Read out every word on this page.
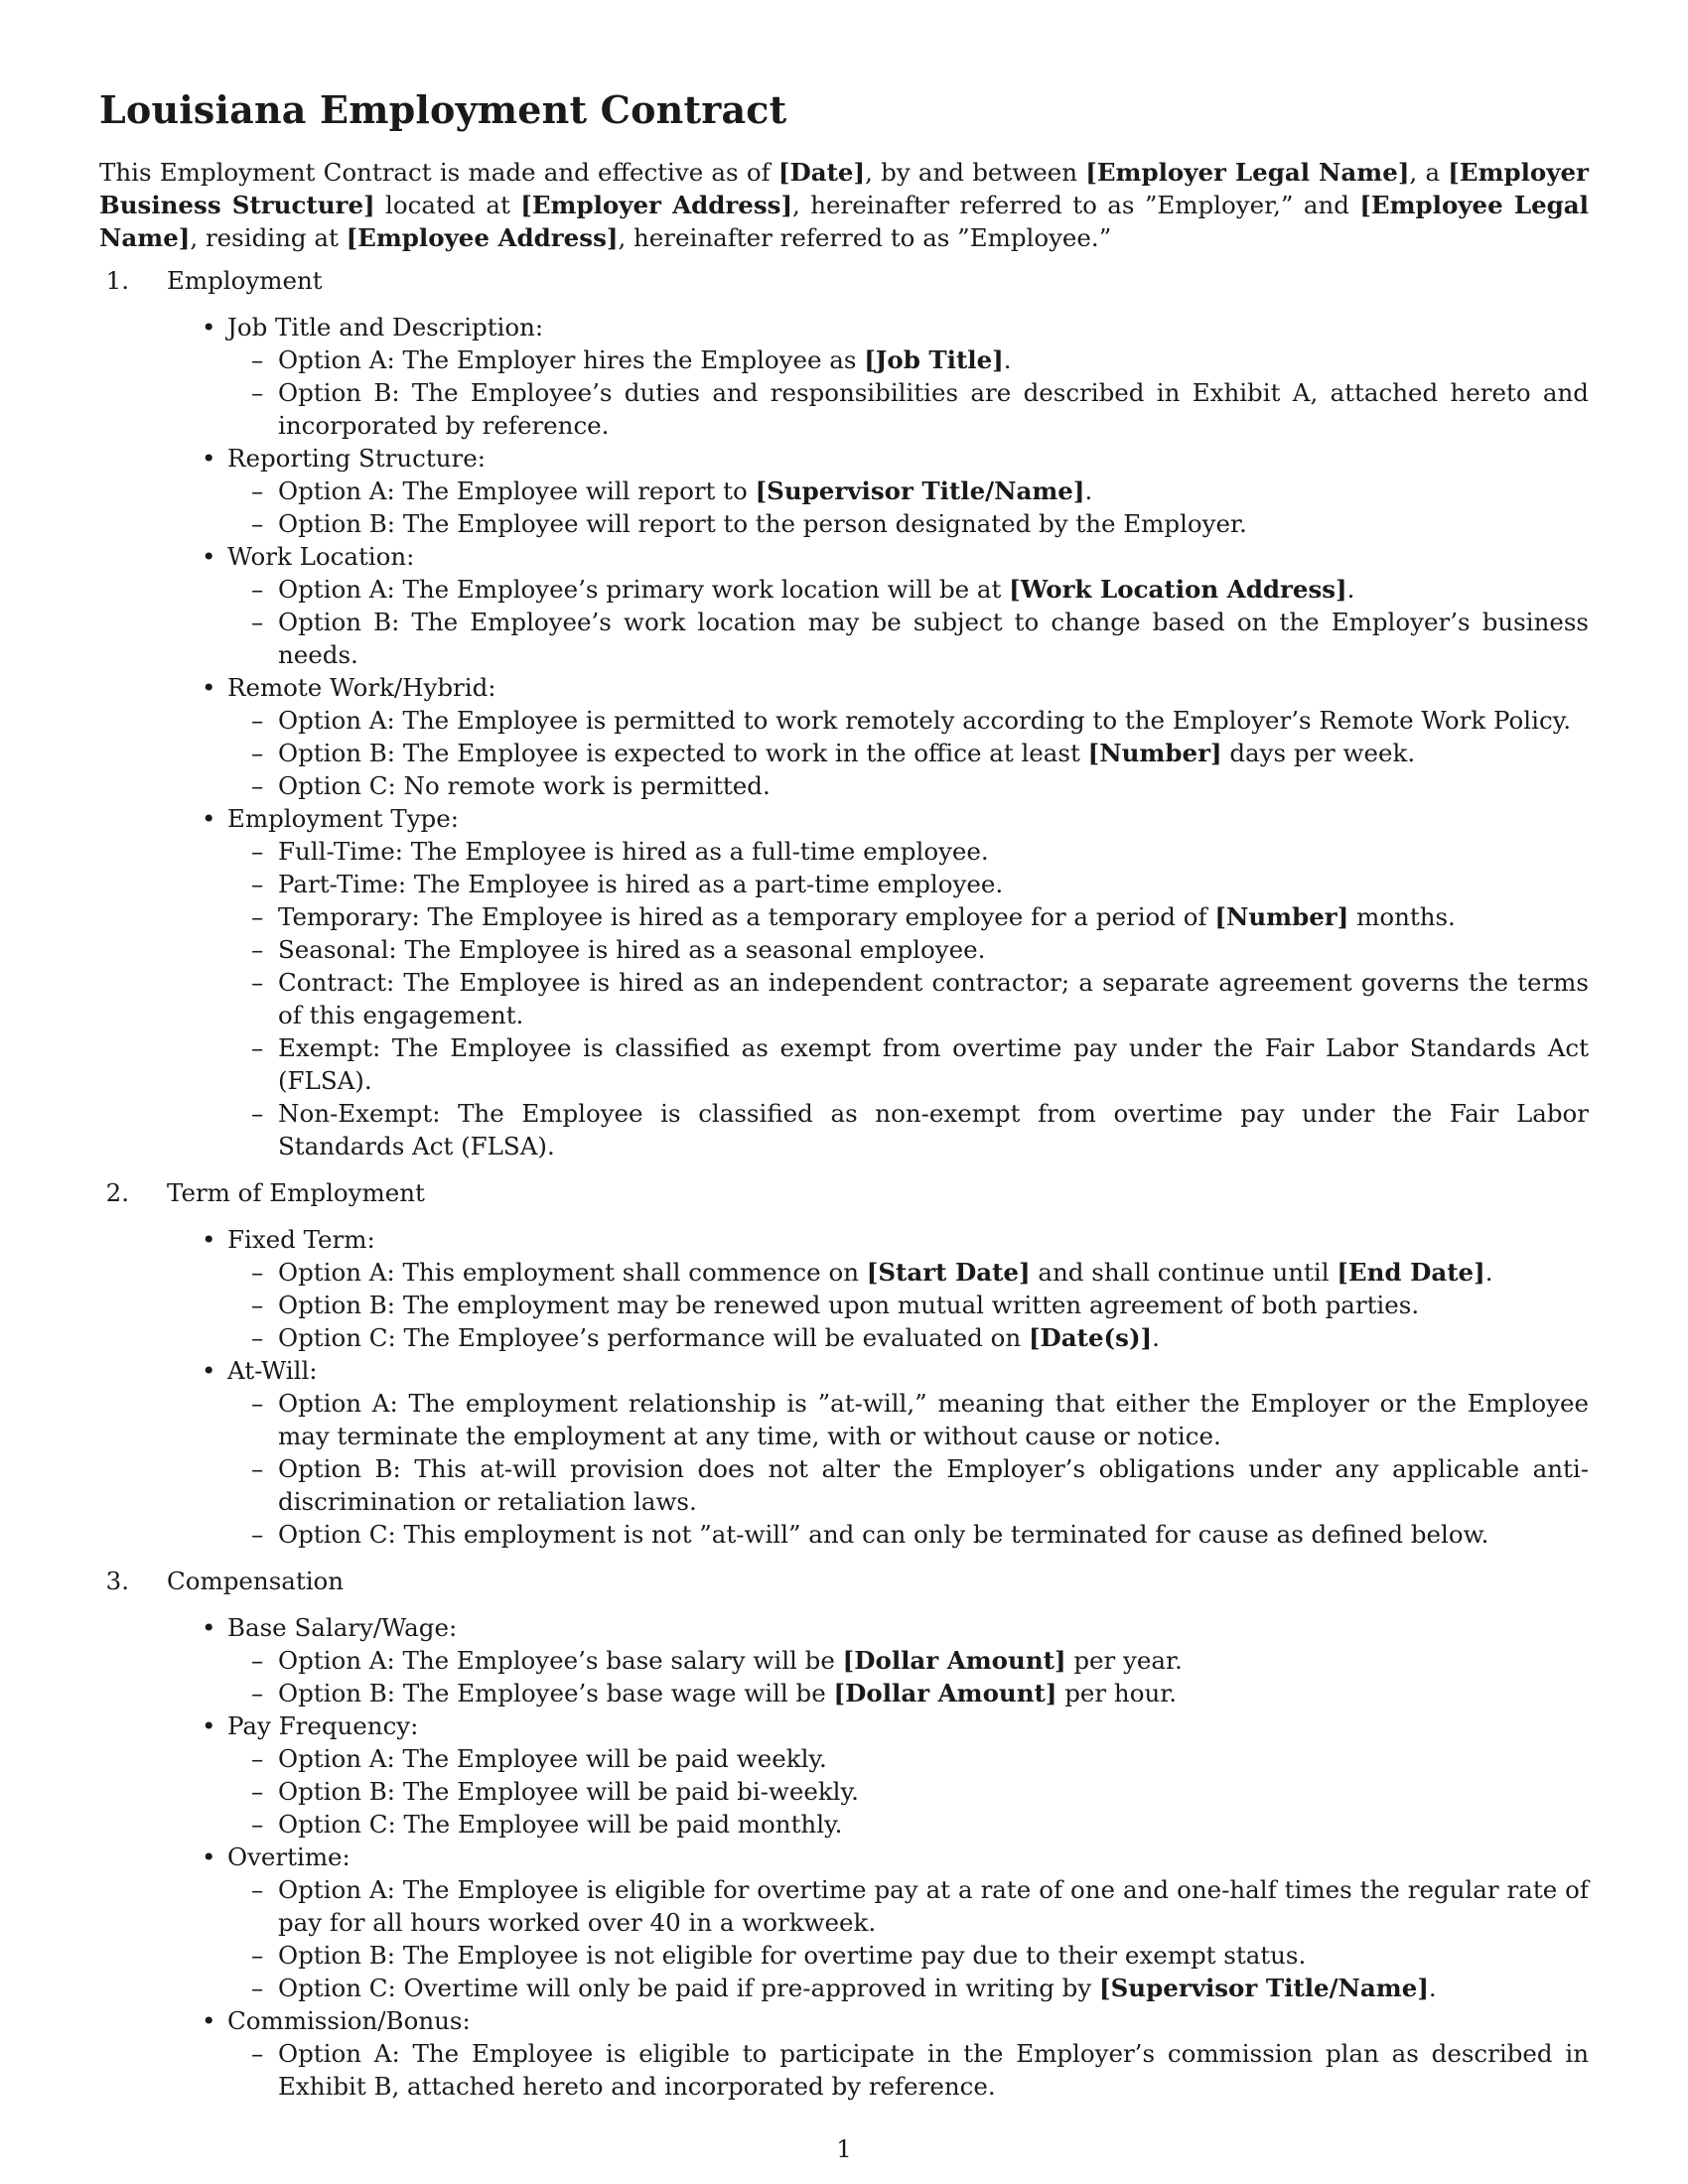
Louisiana Employment Contract

This Employment Contract is made and effective as of [Date], by and between [Employer Legal Name], a [Employer Business Structure] located at [Employer Address], hereinafter referred to as ”Employer,” and [Employee Legal Name], residing at [Employee Address], hereinafter referred to as ”Employee.”

1. Employment

• Job Title and Description:
– Option A: The Employer hires the Employee as [Job Title].
– Option B: The Employee’s duties and responsibilities are described in Exhibit A, attached hereto and incorporated by reference.
• Reporting Structure:
– Option A: The Employee will report to [Supervisor Title/Name].
– Option B: The Employee will report to the person designated by the Employer.
• Work Location:
– Option A: The Employee’s primary work location will be at [Work Location Address].
– Option B: The Employee’s work location may be subject to change based on the Employer’s business needs.
• Remote Work/Hybrid:
– Option A: The Employee is permitted to work remotely according to the Employer’s Remote Work Policy.
– Option B: The Employee is expected to work in the office at least [Number] days per week.
– Option C: No remote work is permitted.
• Employment Type:
– Full-Time: The Employee is hired as a full-time employee.
– Part-Time: The Employee is hired as a part-time employee.
– Temporary: The Employee is hired as a temporary employee for a period of [Number] months.
– Seasonal: The Employee is hired as a seasonal employee.
– Contract: The Employee is hired as an independent contractor; a separate agreement governs the terms of this engagement.
– Exempt: The Employee is classified as exempt from overtime pay under the Fair Labor Standards Act (FLSA).
– Non-Exempt: The Employee is classified as non-exempt from overtime pay under the Fair Labor Standards Act (FLSA).
2. Term of Employment

• Fixed Term:
– Option A: This employment shall commence on [Start Date] and shall continue until [End Date].
– Option B: The employment may be renewed upon mutual written agreement of both parties.
– Option C: The Employee’s performance will be evaluated on [Date(s)].
• At-Will:
– Option A: The employment relationship is ”at-will,” meaning that either the Employer or the Employee may terminate the employment at any time, with or without cause or notice.
– Option B: This at-will provision does not alter the Employer’s obligations under any applicable anti-discrimination or retaliation laws.
– Option C: This employment is not ”at-will” and can only be terminated for cause as defined below.
3. Compensation

• Base Salary/Wage:
– Option A: The Employee’s base salary will be [Dollar Amount] per year.
– Option B: The Employee’s base wage will be [Dollar Amount] per hour.
• Pay Frequency:
– Option A: The Employee will be paid weekly.
– Option B: The Employee will be paid bi-weekly.
– Option C: The Employee will be paid monthly.
• Overtime:
– Option A: The Employee is eligible for overtime pay at a rate of one and one-half times the regular rate of pay for all hours worked over 40 in a workweek.
– Option B: The Employee is not eligible for overtime pay due to their exempt status.
– Option C: Overtime will only be paid if pre-approved in writing by [Supervisor Title/Name].
• Commission/Bonus:
– Option A: The Employee is eligible to participate in the Employer’s commission plan as described in Exhibit B, attached hereto and incorporated by reference.
1
